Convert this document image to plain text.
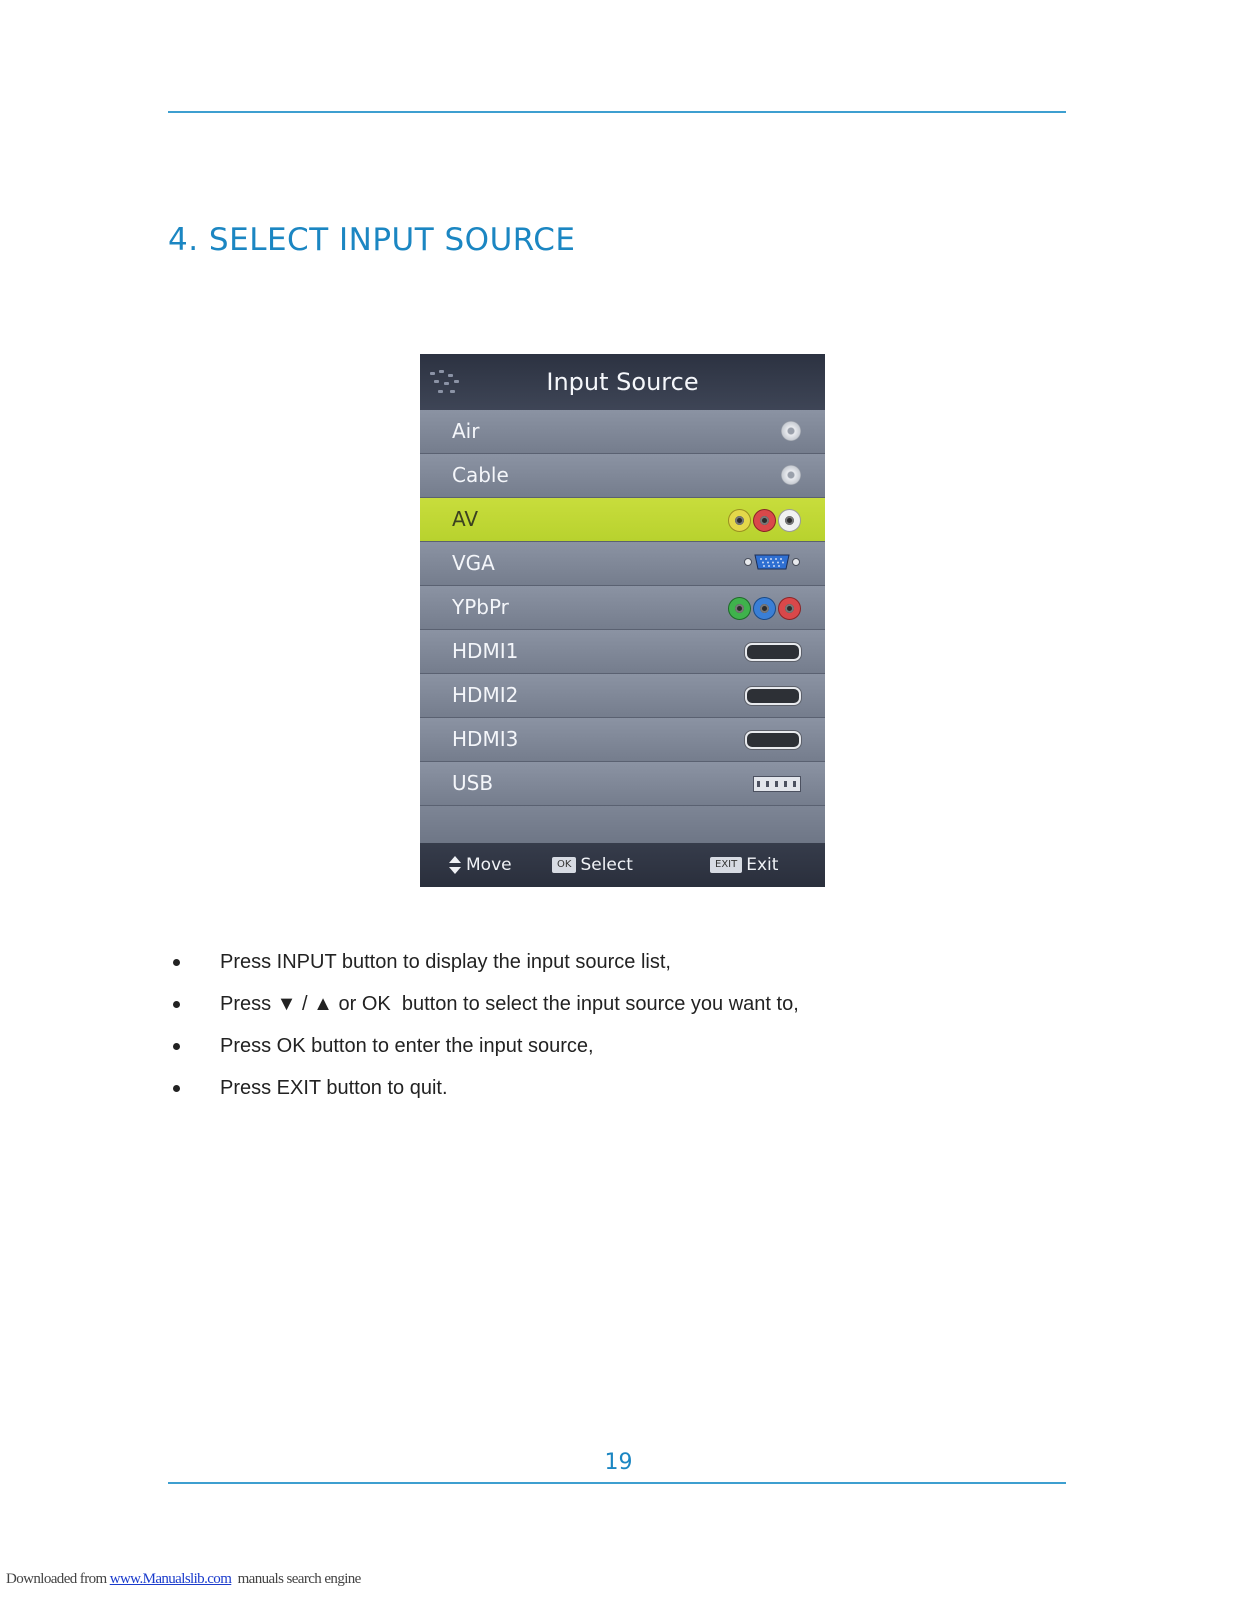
4. SELECT INPUT SOURCE
Input Source
Air
Cable
AV
VGA
YPbPr
HDMI1
HDMI2
HDMI3
USB
Move	OK Select	EXIT Exit
Press INPUT button to display the input source list,
Press ▼ / ▲ or OK  button to select the input source you want to,
Press OK button to enter the input source,
Press EXIT button to quit.
19
Downloaded from www.Manualslib.com  manuals search engine
